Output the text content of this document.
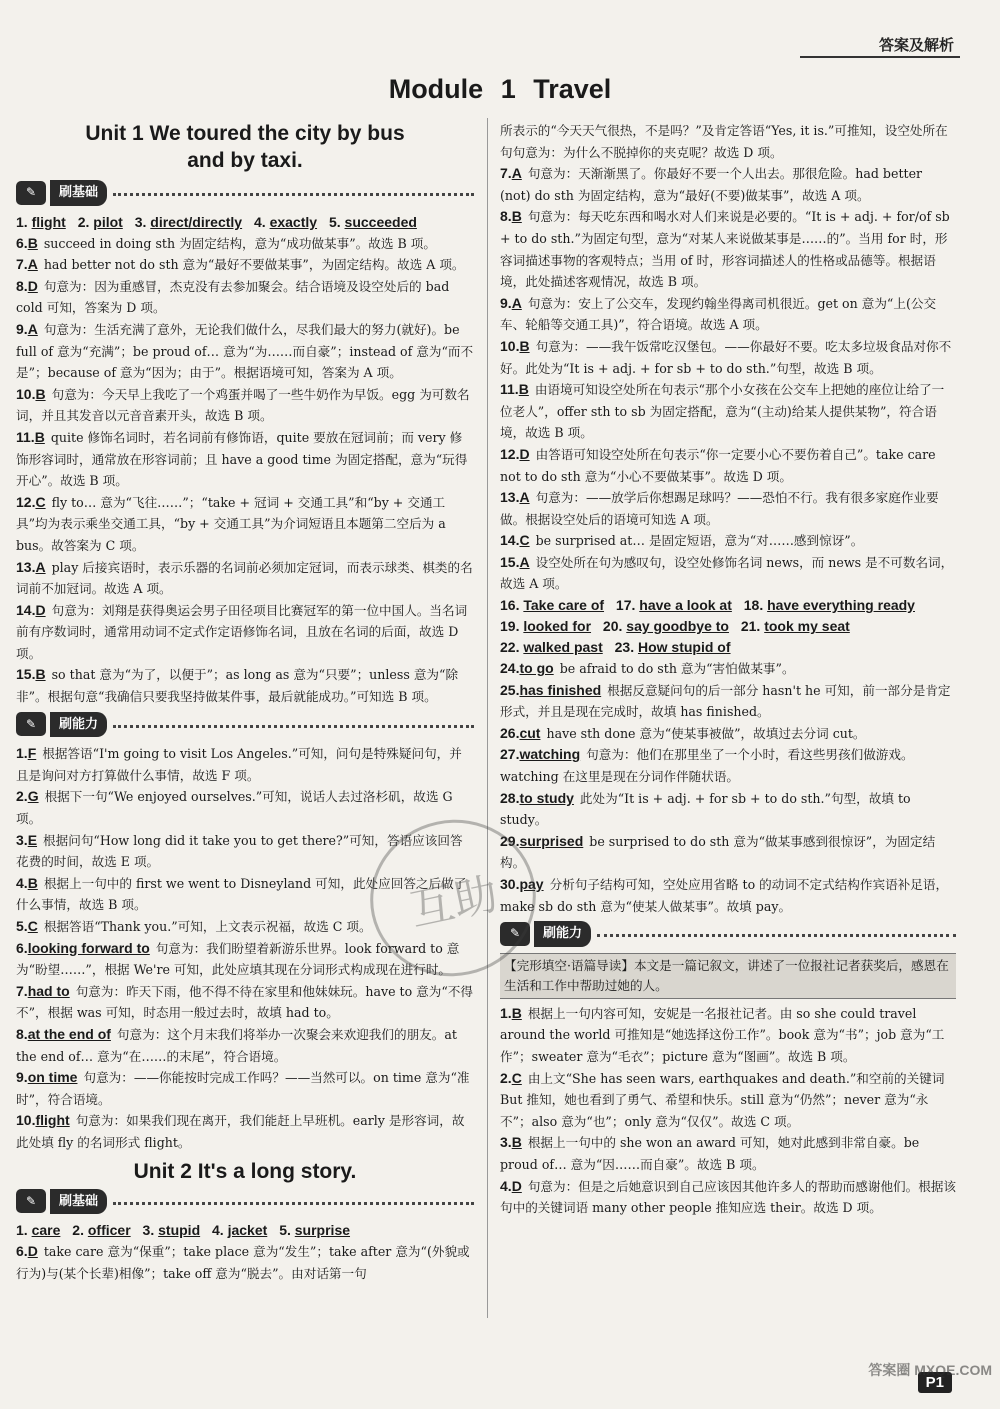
答案及解析
Module 1 Travel
Unit 1 We toured the city by bus
and by taxi.
✎	刷基础
1. flight 2. pilot 3. direct/directly 4. exactly 5. succeeded
6.B succeed in doing sth 为固定结构，意为“成功做某事”。故选 B 项。
7.A had better not do sth 意为“最好不要做某事”，为固定结构。故选 A 项。
8.D 句意为：因为重感冒，杰克没有去参加聚会。结合语境及设空处后的 bad cold 可知，答案为 D 项。
9.A 句意为：生活充满了意外，无论我们做什么，尽我们最大的努力(就好)。be full of 意为“充满”；be proud of… 意为“为……而自豪”；instead of 意为“而不是”；because of 意为“因为；由于”。根据语境可知，答案为 A 项。
10.B 句意为：今天早上我吃了一个鸡蛋并喝了一些牛奶作为早饭。egg 为可数名词，并且其发音以元音音素开头，故选 B 项。
11.B quite 修饰名词时，若名词前有修饰语，quite 要放在冠词前；而 very 修饰形容词时，通常放在形容词前；且 have a good time 为固定搭配，意为“玩得开心”。故选 B 项。
12.C fly to… 意为“飞往……”；“take + 冠词 + 交通工具”和“by + 交通工具”均为表示乘坐交通工具，“by + 交通工具”为介词短语且本题第二空后为 a bus。故答案为 C 项。
13.A play 后接宾语时，表示乐器的名词前必须加定冠词，而表示球类、棋类的名词前不加冠词。故选 A 项。
14.D 句意为：刘翔是获得奥运会男子田径项目比赛冠军的第一位中国人。当名词前有序数词时，通常用动词不定式作定语修饰名词，且放在名词的后面，故选 D 项。
15.B so that 意为“为了，以便于”；as long as 意为“只要”；unless 意为“除非”。根据句意“我确信只要我坚持做某件事，最后就能成功。”可知选 B 项。
✎	刷能力
1.F 根据答语“I'm going to visit Los Angeles.”可知，问句是特殊疑问句，并且是询问对方打算做什么事情，故选 F 项。
2.G 根据下一句“We enjoyed ourselves.”可知，说话人去过洛杉矶，故选 G 项。
3.E 根据问句“How long did it take you to get there?”可知，答语应该回答花费的时间，故选 E 项。
4.B 根据上一句中的 first we went to Disneyland 可知，此处应回答之后做了什么事情，故选 B 项。
5.C 根据答语“Thank you.”可知，上文表示祝福，故选 C 项。
6.looking forward to 句意为：我们盼望着新游乐世界。look forward to 意为“盼望……”，根据 We're 可知，此处应填其现在分词形式构成现在进行时。
7.had to 句意为：昨天下雨，他不得不待在家里和他妹妹玩。have to 意为“不得不”，根据 was 可知，时态用一般过去时，故填 had to。
8.at the end of 句意为：这个月末我们将举办一次聚会来欢迎我们的朋友。at the end of… 意为“在……的末尾”，符合语境。
9.on time 句意为：——你能按时完成工作吗？——当然可以。on time 意为“准时”，符合语境。
10.flight 句意为：如果我们现在离开，我们能赶上早班机。early 是形容词，故此处填 fly 的名词形式 flight。
Unit 2 It's a long story.
✎	刷基础
1. care 2. officer 3. stupid 4. jacket 5. surprise
6.D take care 意为“保重”；take place 意为“发生”；take after 意为“(外貌或行为)与(某个长辈)相像”；take off 意为“脱去”。由对话第一句
所表示的“今天天气很热，不是吗？”及肯定答语“Yes, it is.”可推知，设空处所在句句意为：为什么不脱掉你的夹克呢？故选 D 项。
7.A 句意为：天渐渐黑了。你最好不要一个人出去。那很危险。had better (not) do sth 为固定结构，意为“最好(不要)做某事”，故选 A 项。
8.B 句意为：每天吃东西和喝水对人们来说是必要的。“It is + adj. + for/of sb + to do sth.”为固定句型，意为“对某人来说做某事是……的”。当用 for 时，形容词描述事物的客观特点；当用 of 时，形容词描述人的性格或品德等。根据语境，此处描述客观情况，故选 B 项。
9.A 句意为：安上了公交车，发现约翰坐得离司机很近。get on 意为“上(公交车、轮船等交通工具)”，符合语境。故选 A 项。
10.B 句意为：——我午饭常吃汉堡包。——你最好不要。吃太多垃圾食品对你不好。此处为“It is + adj. + for sb + to do sth.”句型，故选 B 项。
11.B 由语境可知设空处所在句表示“那个小女孩在公交车上把她的座位让给了一位老人”，offer sth to sb 为固定搭配，意为“(主动)给某人提供某物”，符合语境，故选 B 项。
12.D 由答语可知设空处所在句表示“你一定要小心不要伤着自己”。take care not to do sth 意为“小心不要做某事”。故选 D 项。
13.A 句意为：——放学后你想踢足球吗？——恐怕不行。我有很多家庭作业要做。根据设空处后的语境可知选 A 项。
14.C be surprised at… 是固定短语，意为“对……感到惊讶”。
15.A 设空处所在句为感叹句，设空处修饰名词 news，而 news 是不可数名词，故选 A 项。
16. Take care of 17. have a look at 18. have everything ready
19. looked for 20. say goodbye to 21. took my seat
22. walked past 23. How stupid of
24.to go be afraid to do sth 意为“害怕做某事”。
25.has finished 根据反意疑问句的后一部分 hasn't he 可知，前一部分是肯定形式，并且是现在完成时，故填 has finished。
26.cut have sth done 意为“使某事被做”，故填过去分词 cut。
27.watching 句意为：他们在那里坐了一个小时，看这些男孩们做游戏。watching 在这里是现在分词作伴随状语。
28.to study 此处为“It is + adj. + for sb + to do sth.”句型，故填 to study。
29.surprised be surprised to do sth 意为“做某事感到很惊讶”，为固定结构。
30.pay 分析句子结构可知，空处应用省略 to 的动词不定式结构作宾语补足语，make sb do sth 意为“使某人做某事”。故填 pay。
✎	刷能力
【完形填空·语篇导读】本文是一篇记叙文，讲述了一位报社记者获奖后，感恩在生活和工作中帮助过她的人。
1.B 根据上一句内容可知，安妮是一名报社记者。由 so she could travel around the world 可推知是“她选择这份工作”。book 意为“书”；job 意为“工作”；sweater 意为“毛衣”；picture 意为“图画”。故选 B 项。
2.C 由上文“She has seen wars, earthquakes and death.”和空前的关键词 But 推知，她也看到了勇气、希望和快乐。still 意为“仍然”；never 意为“永不”；also 意为“也”；only 意为“仅仅”。故选 C 项。
3.B 根据上一句中的 she won an award 可知，她对此感到非常自豪。be proud of… 意为“因……而自豪”。故选 B 项。
4.D 句意为：但是之后她意识到自己应该因其他许多人的帮助而感谢他们。根据该句中的关键词语 many other people 推知应选 their。故选 D 项。
互助
P1
答案圈 MXQE.COM
